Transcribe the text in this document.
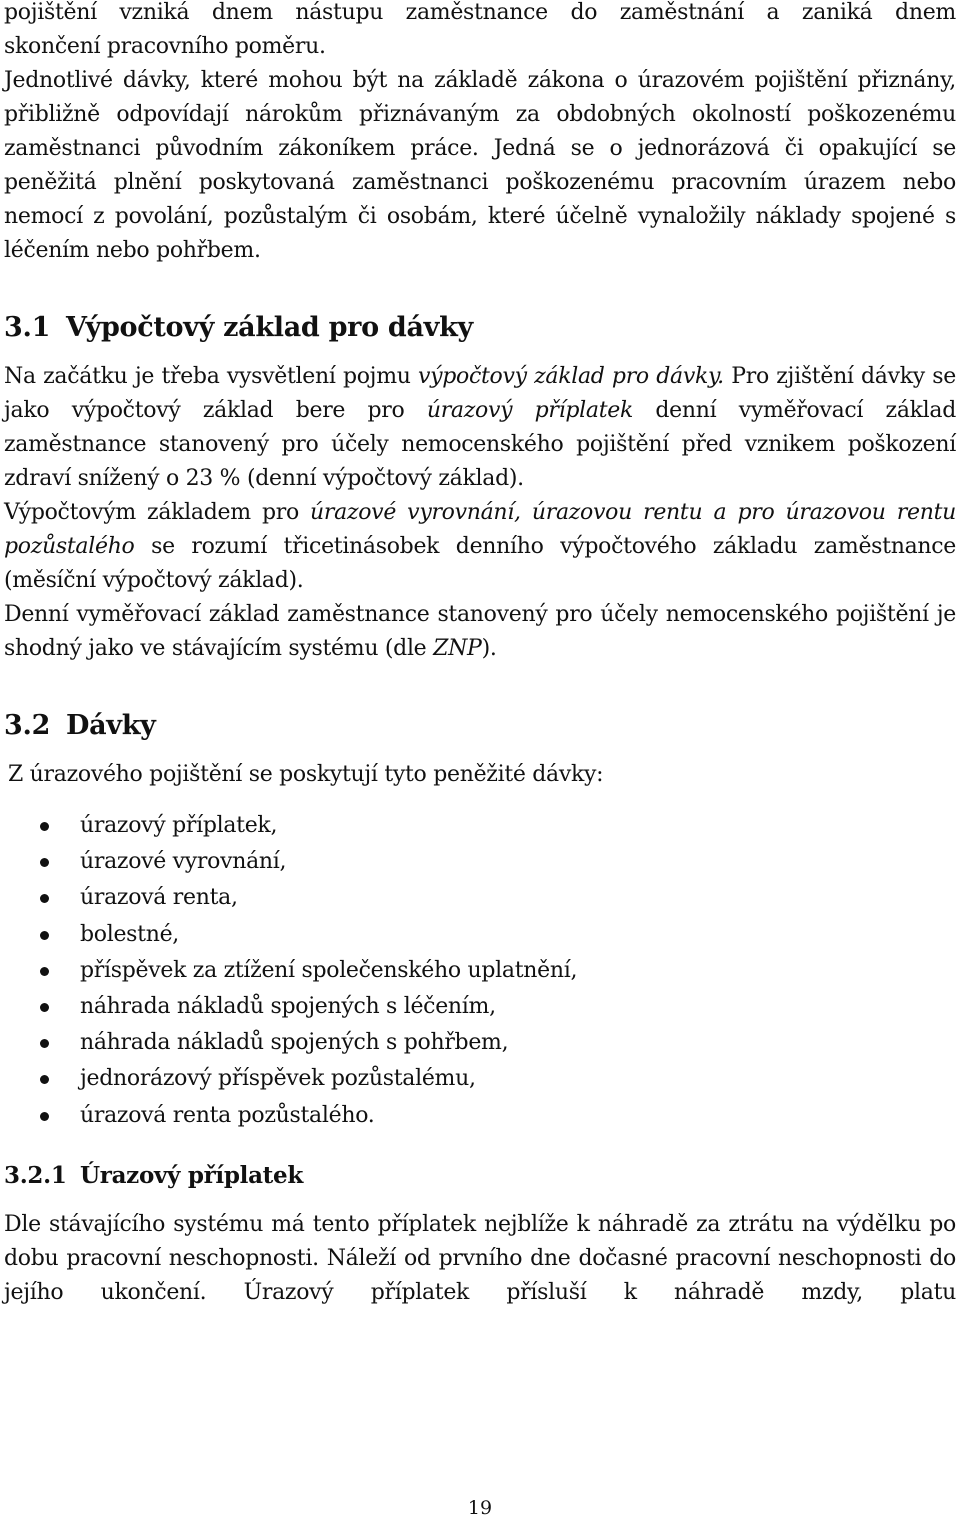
pojištění vzniká dnem nástupu zaměstnance do zaměstnání a zaniká dnem

skončení pracovního poměru.

Jednotlivé dávky, které mohou být na základě zákona o úrazovém pojištění přiznány, přibližně odpovídají nárokům přiznávaným za obdobných okolností poškozenému zaměstnanci původním zákoníkem práce. Jedná se o jednorázová či opakující se peněžitá plnění poskytovaná zaměstnanci poškozenému pracovním úrazem nebo nemocí z povolání, pozůstalým či osobám, které účelně vynaložily náklady spojené s léčením nebo pohřbem.

3.1 Výpočtový základ pro dávky

Na začátku je třeba vysvětlení pojmu výpočtový základ pro dávky. Pro zjištění dávky se jako výpočtový základ bere pro úrazový příplatek denní vyměřovací základ zaměstnance stanovený pro účely nemocenského pojištění před vznikem poškození zdraví snížený o 23 % (denní výpočtový základ).

Výpočtovým základem pro úrazové vyrovnání, úrazovou rentu a pro úrazovou rentu pozůstalého se rozumí třicetinásobek denního výpočtového základu zaměstnance (měsíční výpočtový základ).

Denní vyměřovací základ zaměstnance stanovený pro účely nemocenského pojištění je shodný jako ve stávajícím systému (dle ZNP).

3.2 Dávky

Z úrazového pojištění se poskytují tyto peněžité dávky:

úrazový příplatek,
úrazové vyrovnání,
úrazová renta,
bolestné,
příspěvek za ztížení společenského uplatnění,
náhrada nákladů spojených s léčením,
náhrada nákladů spojených s pohřbem,
jednorázový příspěvek pozůstalému,
úrazová renta pozůstalého.
3.2.1 Úrazový příplatek

Dle stávajícího systému má tento příplatek nejblíže k náhradě za ztrátu na výdělku po dobu pracovní neschopnosti. Náleží od prvního dne dočasné pracovní neschopnosti do jejího ukončení. Úrazový příplatek přísluší k náhradě mzdy, platu

19
